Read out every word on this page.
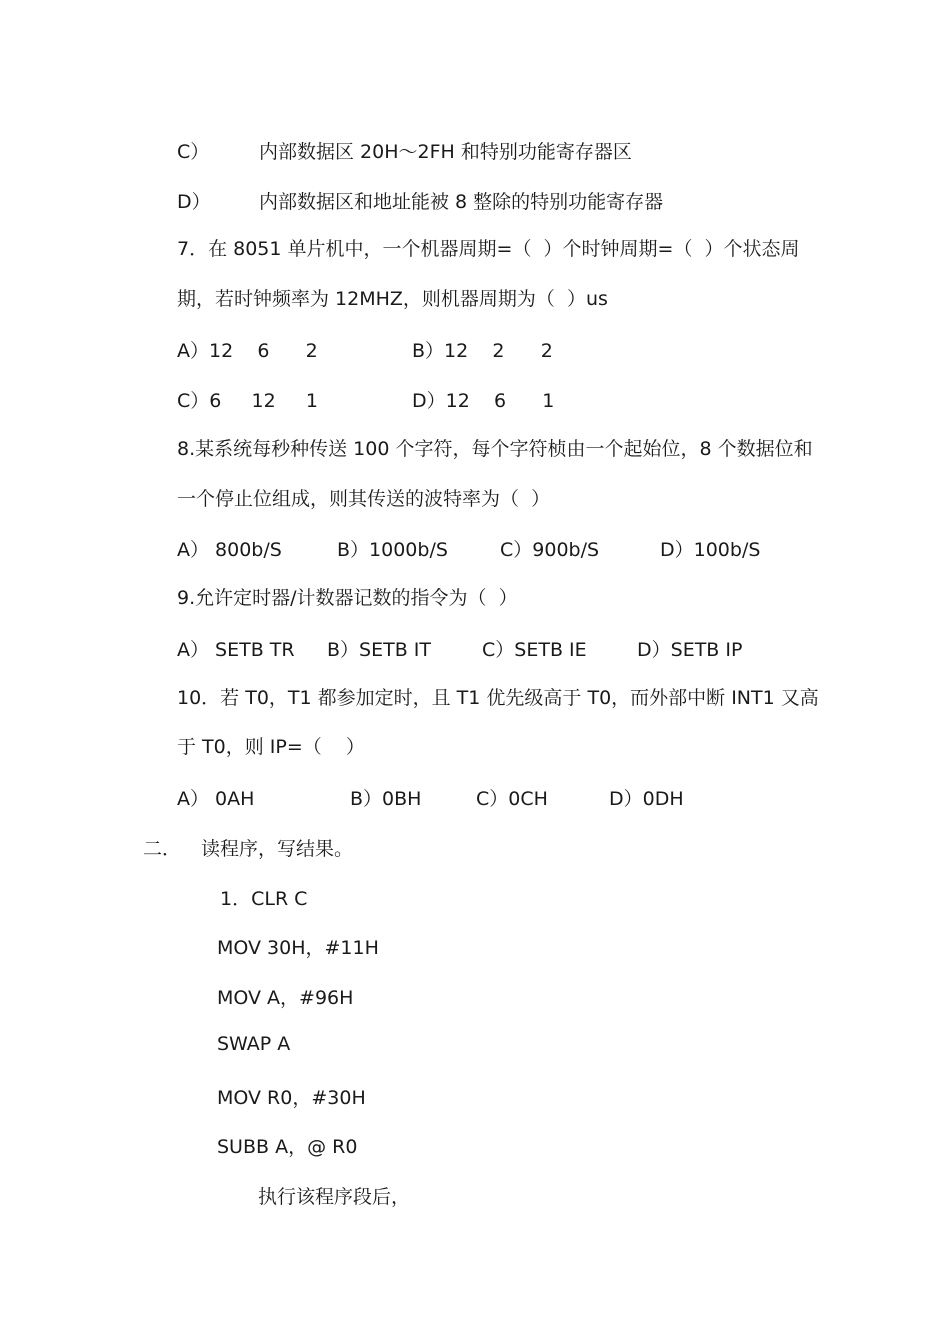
C）	内部数据区 20H～2FH 和特别功能寄存器区
D）	内部数据区和地址能被 8 整除的特别功能寄存器
7．在 8051 单片机中，一个机器周期=（  ）个时钟周期=（  ）个状态周
期，若时钟频率为 12MHZ，则机器周期为（  ）us
A）12    6      2	B）12    2      2
C）6     12     1	D）12    6      1
8.某系统每秒种传送 100 个字符，每个字符桢由一个起始位，8 个数据位和
一个停止位组成，则其传送的波特率为（  ）
A） 800b/S	B）1000b/S	C）900b/S	D）100b/S
9.允许定时器/计数器记数的指令为（  ）
A） SETB TR B）SETB IT	C）SETB IE	D）SETB IP
10．若 T0，T1 都参加定时，且 T1 优先级高于 T0，而外部中断 INT1 又高
于 T0，则 IP=（    ）
A） 0AH	B）0BH	C）0CH	D）0DH
二． 读程序，写结果。
1．CLR C
MOV 30H，#11H
MOV A，#96H
SWAP A
MOV R0，#30H
SUBB A，@ R0
执行该程序段后，
